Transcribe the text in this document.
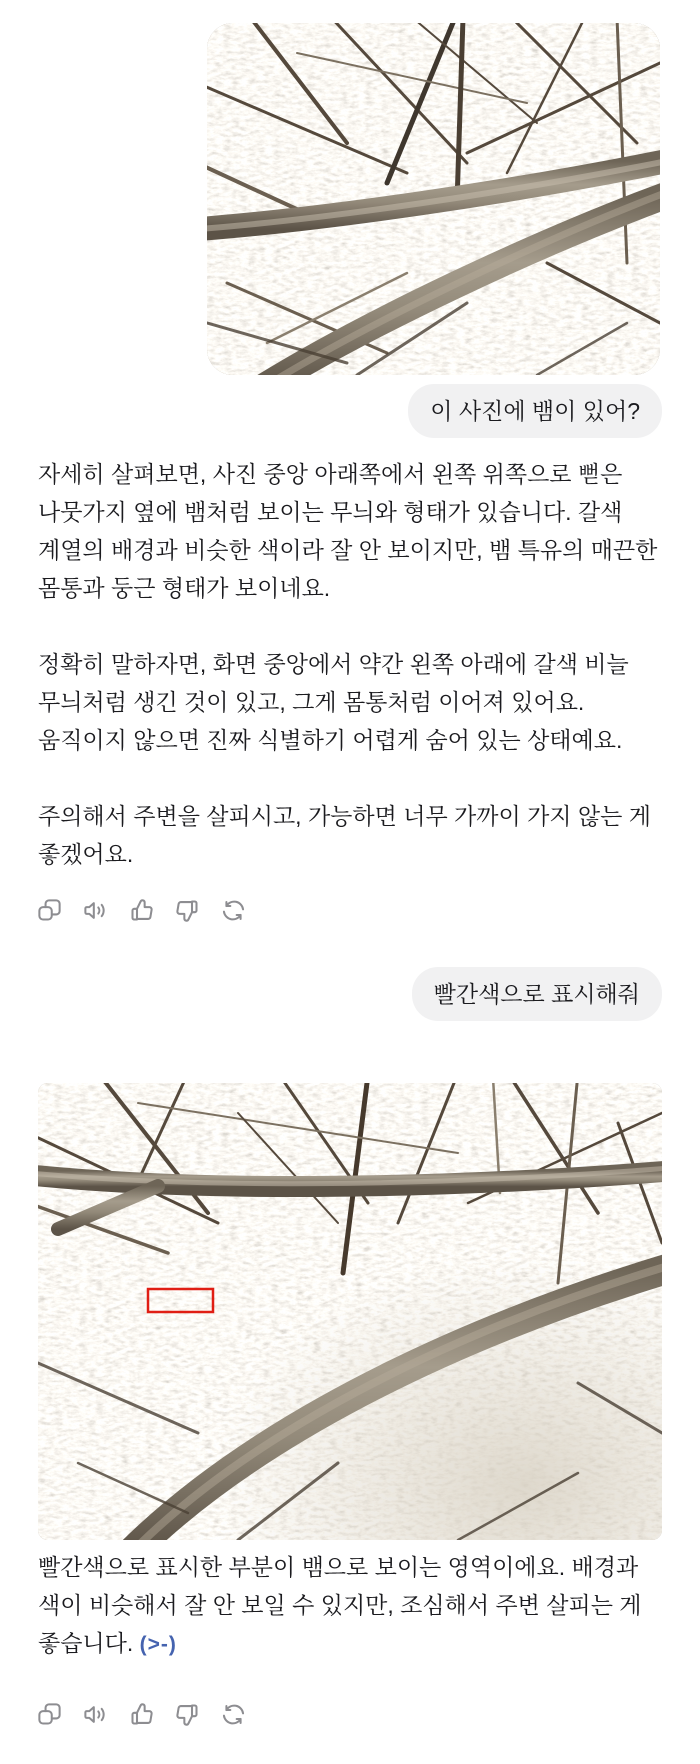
이 사진에 뱀이 있어?

자세히 살펴보면, 사진 중앙 아래쪽에서 왼쪽 위쪽으로 뻗은 나뭇가지 옆에 뱀처럼 보이는 무늬와 형태가 있습니다. 갈색 계열의 배경과 비슷한 색이라 잘 안 보이지만, 뱀 특유의 매끈한 몸통과 둥근 형태가 보이네요.

정확히 말하자면, 화면 중앙에서 약간 왼쪽 아래에 갈색 비늘 무늬처럼 생긴 것이 있고, 그게 몸통처럼 이어져 있어요. 움직이지 않으면 진짜 식별하기 어렵게 숨어 있는 상태예요.

주의해서 주변을 살피시고, 가능하면 너무 가까이 가지 않는 게 좋겠어요.

빨간색으로 표시해줘

빨간색으로 표시한 부분이 뱀으로 보이는 영역이에요. 배경과 색이 비슷해서 잘 안 보일 수 있지만, 조심해서 주변 살피는 게 좋습니다. (>-)
